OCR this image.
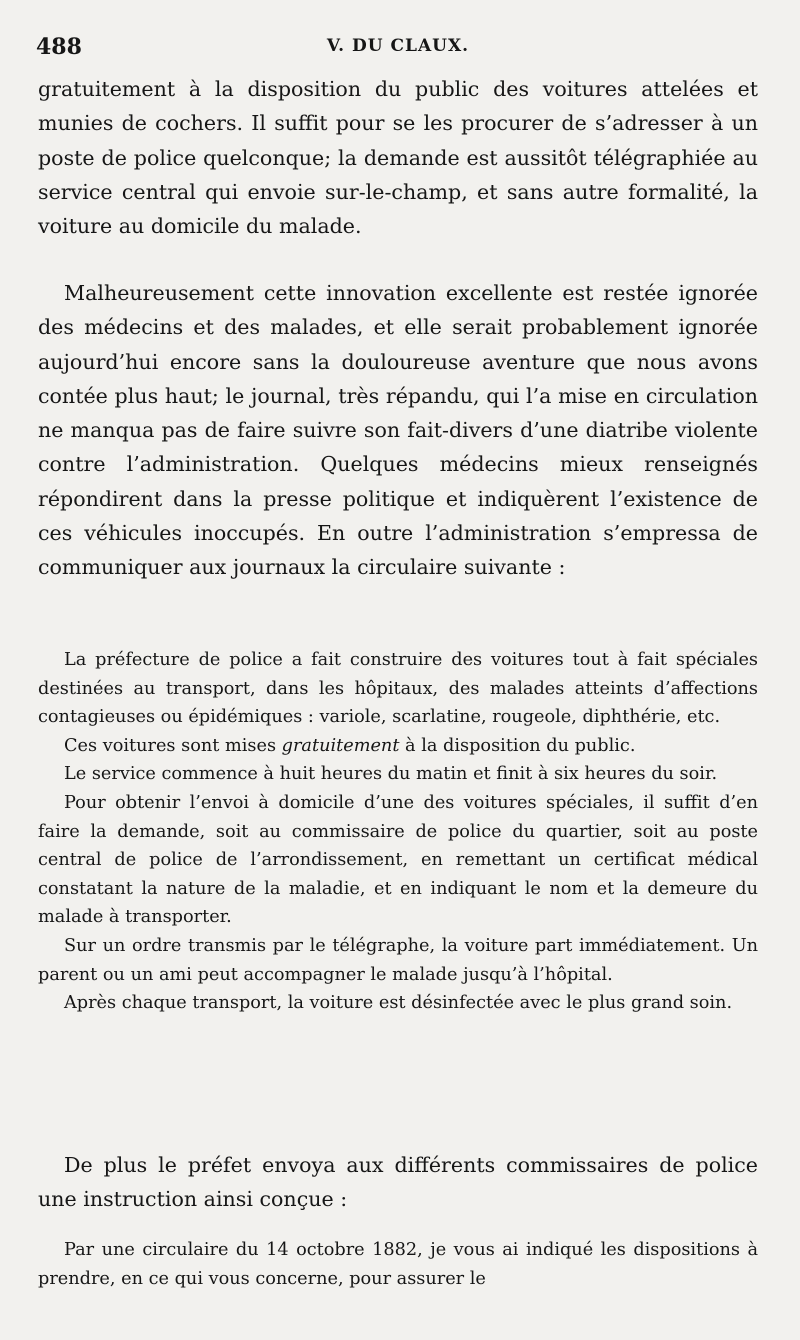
488	V. DU CLAUX.

gratuitement à la disposition du public des voitures attelées et munies de cochers. Il suffit pour se les procurer de s’adresser à un poste de police quelconque; la demande est aussitôt télégraphiée au service central qui envoie sur-le-champ, et sans autre formalité, la voiture au domicile du malade.

Malheureusement cette innovation excellente est restée ignorée des médecins et des malades, et elle serait probablement ignorée aujourd’hui encore sans la douloureuse aventure que nous avons contée plus haut; le journal, très répandu, qui l’a mise en circulation ne manqua pas de faire suivre son fait-divers d’une diatribe violente contre l’administration. Quelques médecins mieux renseignés répondirent dans la presse politique et indiquèrent l’existence de ces véhicules inoccupés. En outre l’administration s’empressa de communiquer aux journaux la circulaire suivante :

La préfecture de police a fait construire des voitures tout à fait spéciales destinées au transport, dans les hôpitaux, des malades atteints d’affections contagieuses ou épidémiques : variole, scarlatine, rougeole, diphthérie, etc.

Ces voitures sont mises gratuitement à la disposition du public.

Le service commence à huit heures du matin et finit à six heures du soir.

Pour obtenir l’envoi à domicile d’une des voitures spéciales, il suffit d’en faire la demande, soit au commissaire de police du quartier, soit au poste central de police de l’arrondissement, en remettant un certificat médical constatant la nature de la maladie, et en indiquant le nom et la demeure du malade à transporter.

Sur un ordre transmis par le télégraphe, la voiture part immédiatement. Un parent ou un ami peut accompagner le malade jusqu’à l’hôpital.

Après chaque transport, la voiture est désinfectée avec le plus grand soin.

De plus le préfet envoya aux différents commissaires de police une instruction ainsi conçue :

Par une circulaire du 14 octobre 1882, je vous ai indiqué les dispositions à prendre, en ce qui vous concerne, pour assurer le
